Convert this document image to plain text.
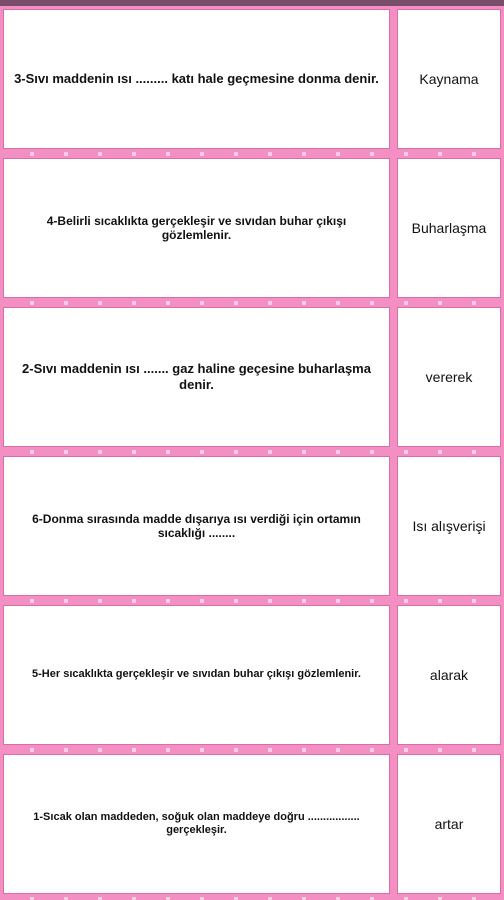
3-Sıvı maddenin ısı ......... katı hale geçmesine donma denir.	Kaynama
4-Belirli sıcaklıkta gerçekleşir ve sıvıdan buhar çıkışı gözlemlenir.	Buharlaşma
2-Sıvı maddenin ısı ....... gaz haline geçesine buharlaşma denir.	vererek
6-Donma sırasında madde dışarıya ısı verdiği için ortamın sıcaklığı ........	Isı alışverişi
5-Her sıcaklıkta gerçekleşir ve sıvıdan buhar çıkışı gözlemlenir.	alarak
1-Sıcak olan maddeden, soğuk olan maddeye doğru ................. gerçekleşir.	artar
